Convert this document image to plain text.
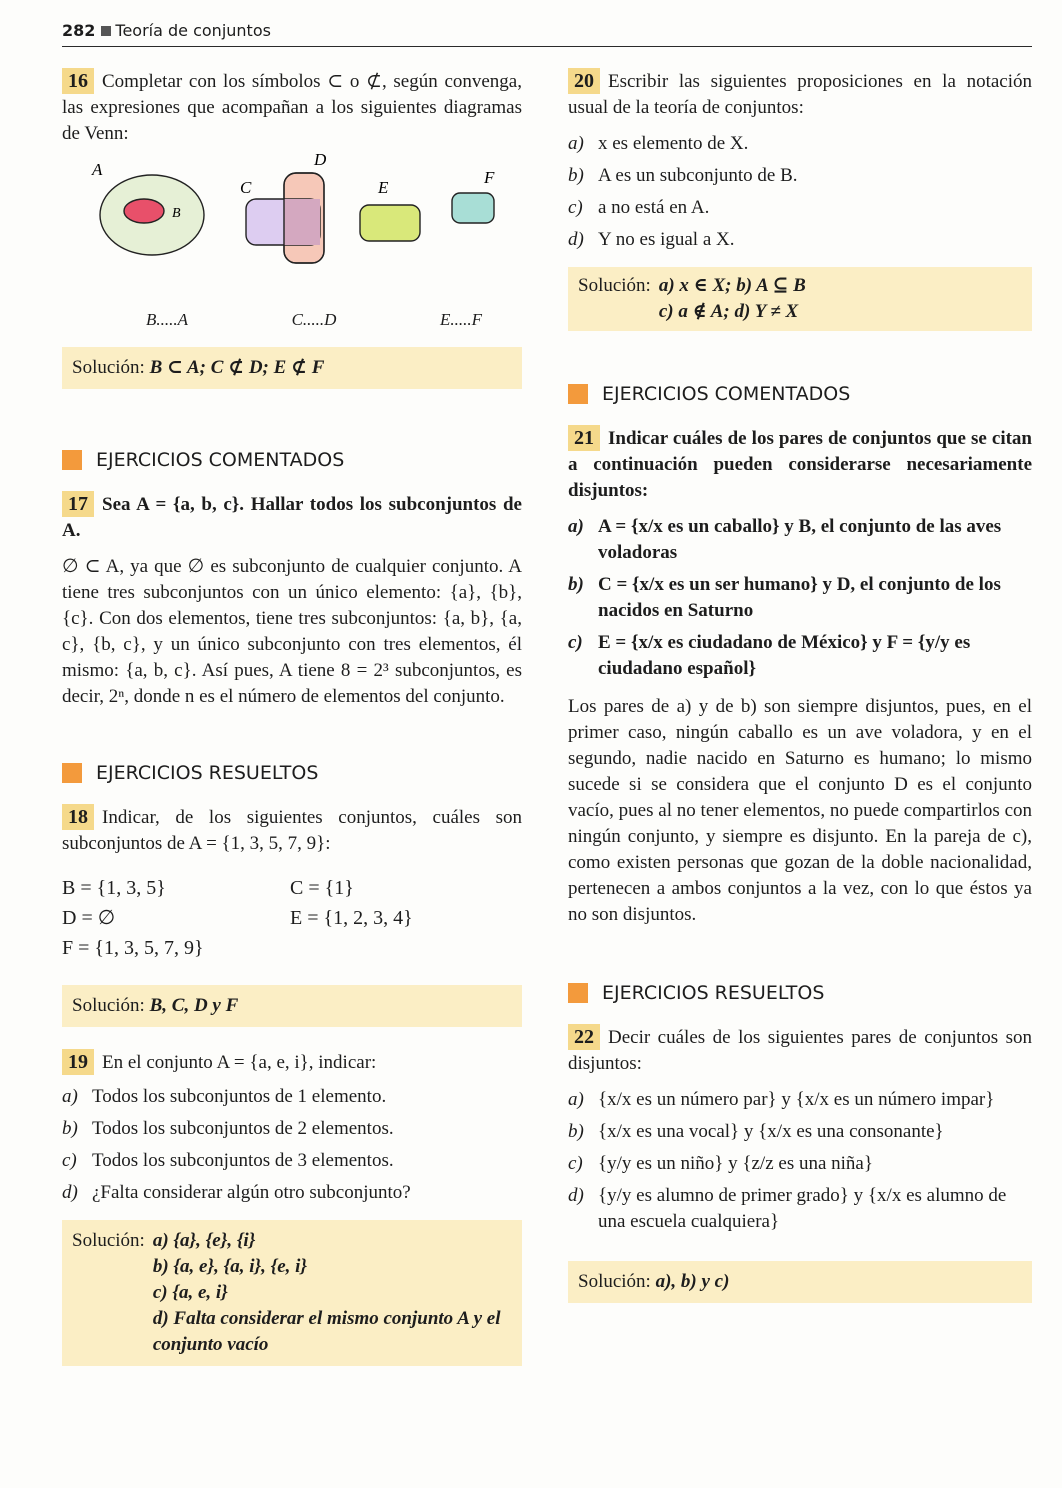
282 Teoría de conjuntos

16 Completar con los símbolos ⊂ o ⊄, según convenga, las expresiones que acompañan a los siguientes diagramas de Venn:

A
B
C
D
E
F
B.....A	C.....D	E.....F
Solución: B ⊂ A; C ⊄ D; E ⊄ F
EJERCICIOS COMENTADOS

17 Sea A = {a, b, c}. Hallar todos los subconjuntos de A.

∅ ⊂ A, ya que ∅ es subconjunto de cualquier conjunto. A tiene tres subconjuntos con un único elemento: {a}, {b}, {c}. Con dos elementos, tiene tres subconjuntos: {a, b}, {a, c}, {b, c}, y un único subconjunto con tres elementos, él mismo: {a, b, c}. Así pues, A tiene 8 = 2³ subconjuntos, es decir, 2ⁿ, donde n es el número de elementos del conjunto.

EJERCICIOS RESUELTOS

18 Indicar, de los siguientes conjuntos, cuáles son subconjuntos de A = {1, 3, 5, 7, 9}:

B = {1, 3, 5}	C = {1}
D = ∅	E = {1, 2, 3, 4}
F = {1, 3, 5, 7, 9}
Solución: B, C, D y F

19 En el conjunto A = {a, e, i}, indicar:

a) Todos los subconjuntos de 1 elemento.
b) Todos los subconjuntos de 2 elementos.
c) Todos los subconjuntos de 3 elementos.
d) ¿Falta considerar algún otro subconjunto?
Solución: a) {a}, {e}, {i}
b) {a, e}, {a, i}, {e, i}
c) {a, e, i}
d) Falta considerar el mismo conjunto A y el conjunto vacío

20 Escribir las siguientes proposiciones en la notación usual de la teoría de conjuntos:

a) x es elemento de X.
b) A es un subconjunto de B.
c) a no está en A.
d) Y no es igual a X.
Solución: a) x ∈ X; b) A ⊆ B
c) a ∉ A; d) Y ≠ X
EJERCICIOS COMENTADOS

21 Indicar cuáles de los pares de conjuntos que se citan a continuación pueden considerarse necesariamente disjuntos:

a) A = {x/x es un caballo} y B, el conjunto de las aves voladoras
b) C = {x/x es un ser humano} y D, el conjunto de los nacidos en Saturno
c) E = {x/x es ciudadano de México} y F = {y/y es ciudadano español}

Los pares de a) y de b) son siempre disjuntos, pues, en el primer caso, ningún caballo es un ave voladora, y en el segundo, nadie nacido en Saturno es humano; lo mismo sucede si se considera que el conjunto D es el conjunto vacío, pues al no tener elementos, no puede compartirlos con ningún conjunto, y siempre es disjunto. En la pareja de c), como existen personas que gozan de la doble nacionalidad, pertenecen a ambos conjuntos a la vez, con lo que éstos ya no son disjuntos.

EJERCICIOS RESUELTOS

22 Decir cuáles de los siguientes pares de conjuntos son disjuntos:

a) {x/x es un número par} y {x/x es un número impar}
b) {x/x es una vocal} y {x/x es una consonante}
c) {y/y es un niño} y {z/z es una niña}
d) {y/y es alumno de primer grado} y {x/x es alumno de una escuela cualquiera}
Solución: a), b) y c)
